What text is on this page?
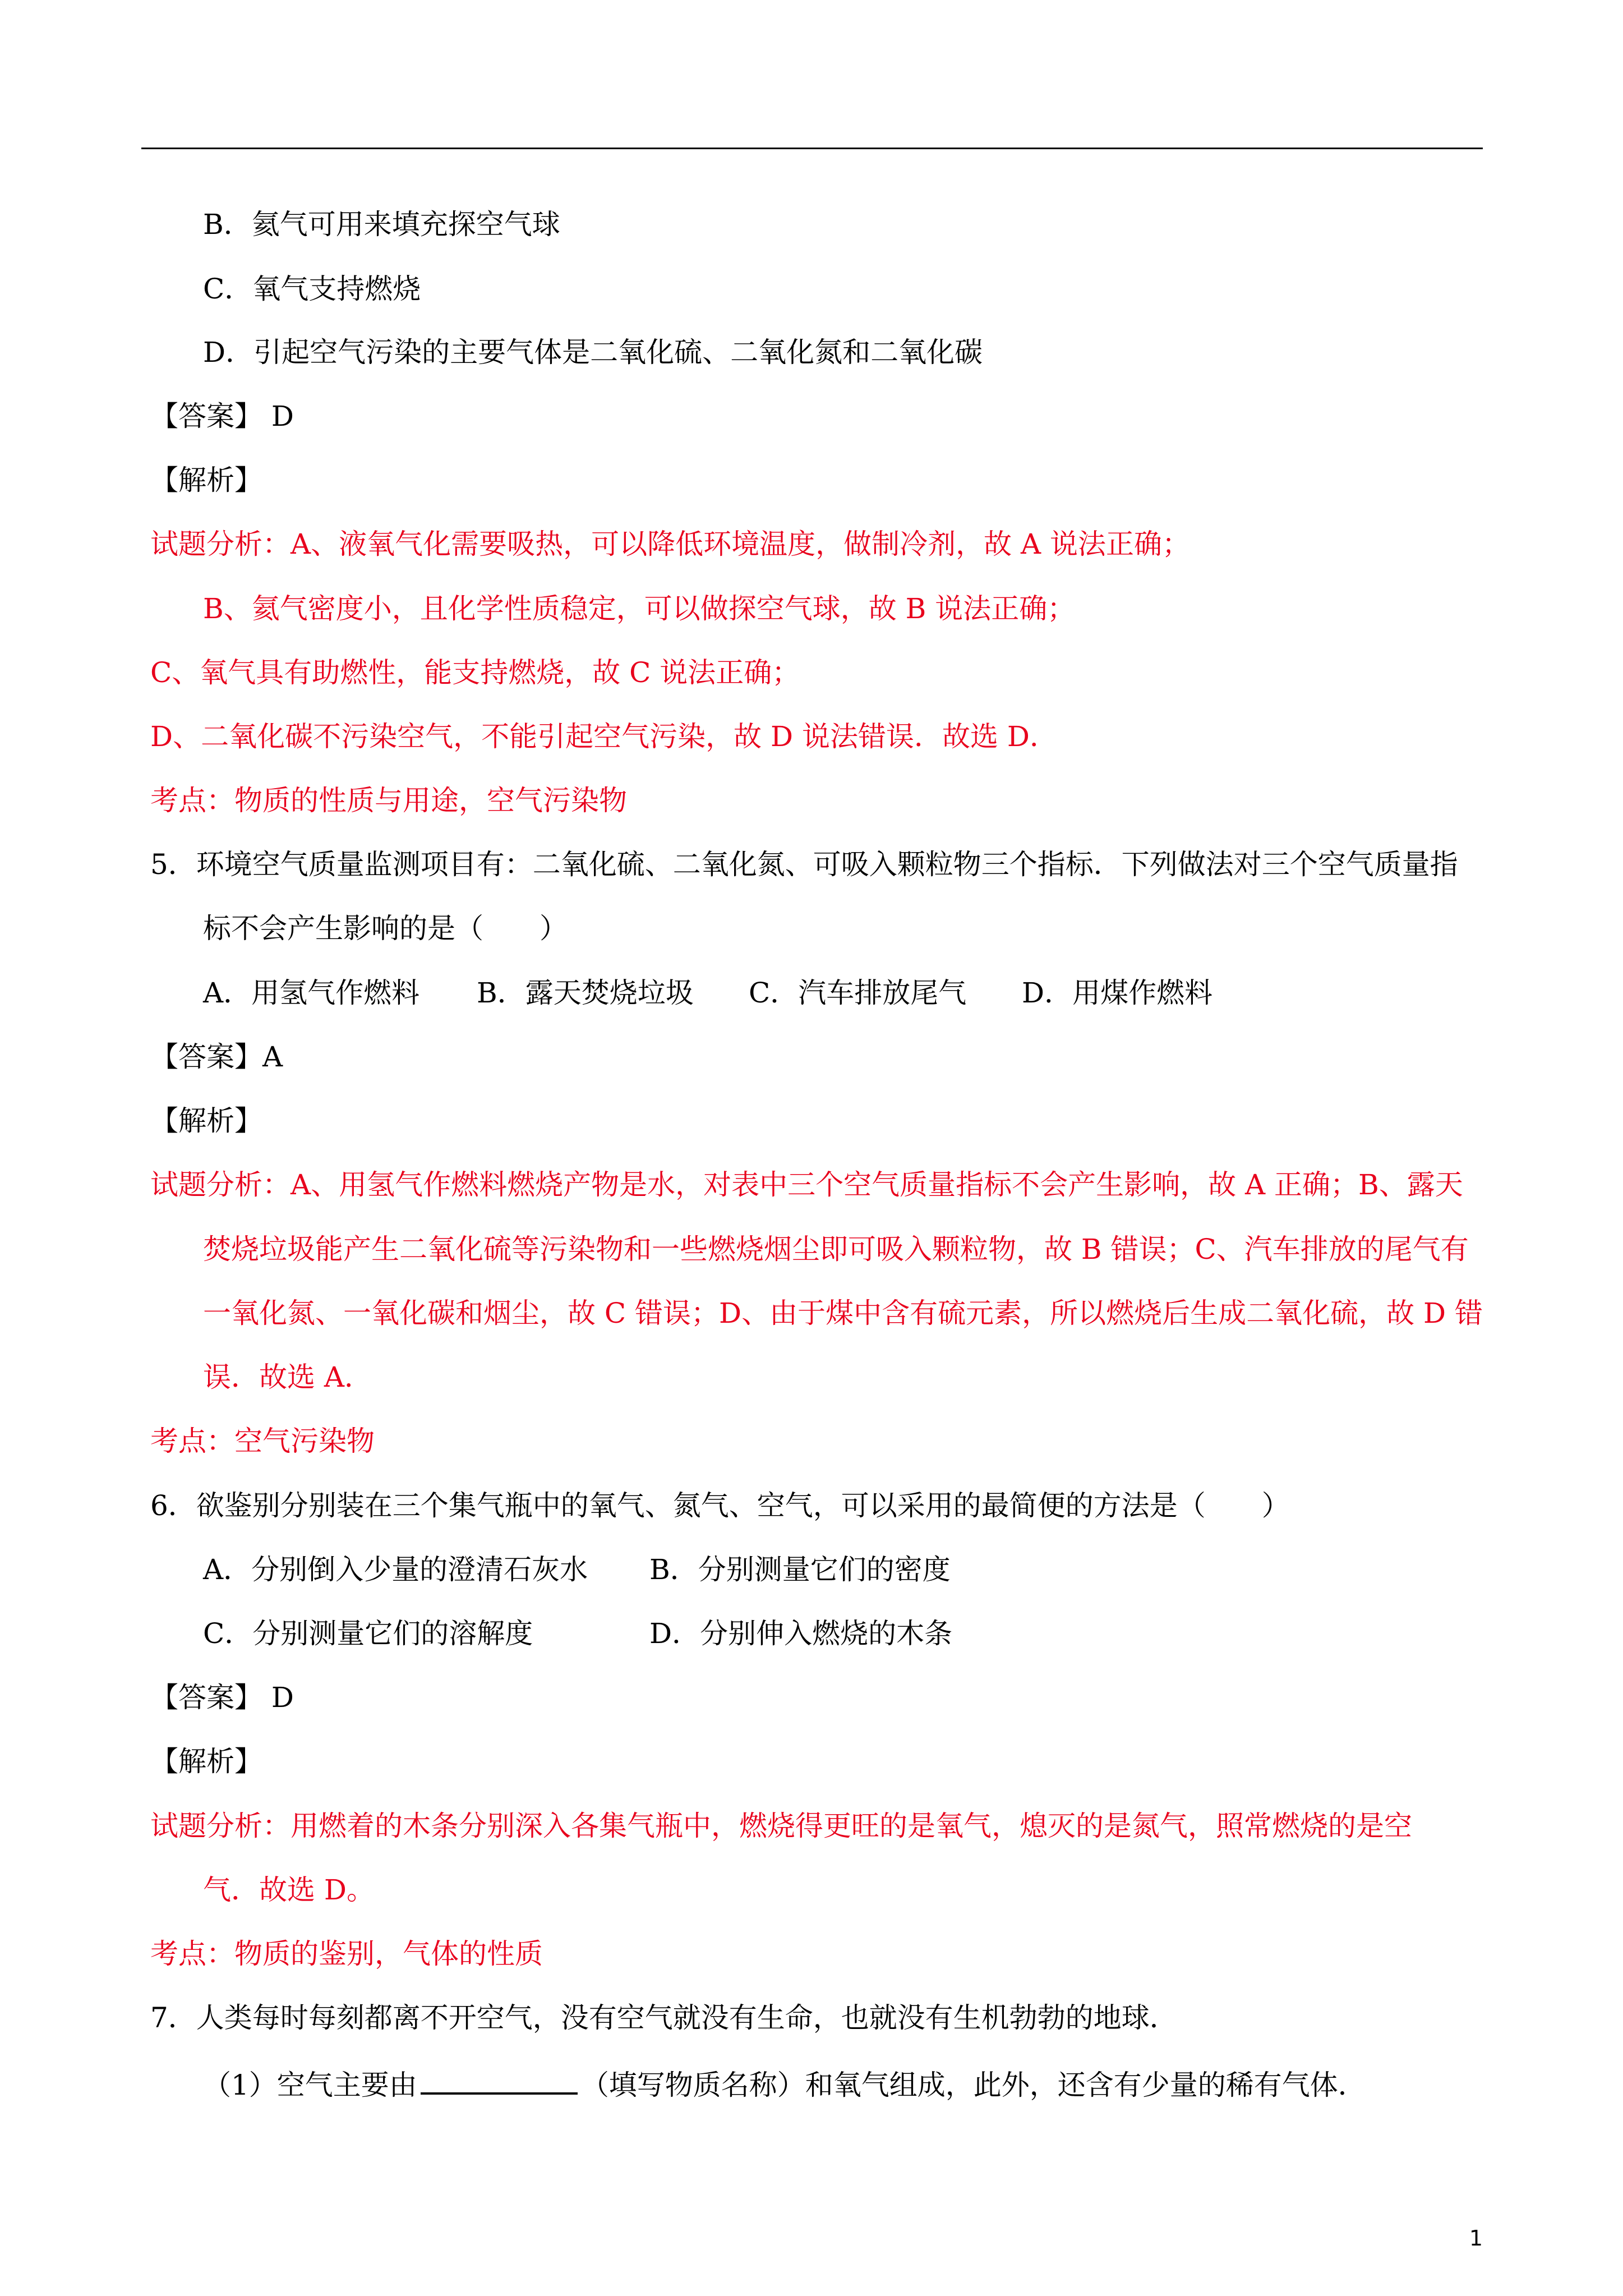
B．氦气可用来填充探空气球
C．氧气支持燃烧
D．引起空气污染的主要气体是二氧化硫、二氧化氮和二氧化碳
【答案】 D
【解析】
试题分析：A、液氧气化需要吸热，可以降低环境温度，做制冷剂，故 A 说法正确；
B、氦气密度小，且化学性质稳定，可以做探空气球，故 B 说法正确；
C、氧气具有助燃性，能支持燃烧，故 C 说法正确；
D、二氧化碳不污染空气，不能引起空气污染，故 D 说法错误．故选 D．
考点：物质的性质与用途，空气污染物
5．环境空气质量监测项目有：二氧化硫、二氧化氮、可吸入颗粒物三个指标．下列做法对三个空气质量指
标不会产生影响的是（　　）
A．用氢气作燃料 B．露天焚烧垃圾 C．汽车排放尾气 D．用煤作燃料
【答案】A
【解析】
试题分析：A、用氢气作燃料燃烧产物是水，对表中三个空气质量指标不会产生影响，故 A 正确；B、露天
焚烧垃圾能产生二氧化硫等污染物和一些燃烧烟尘即可吸入颗粒物，故 B 错误；C、汽车排放的尾气有
一氧化氮、一氧化碳和烟尘，故 C 错误；D、由于煤中含有硫元素，所以燃烧后生成二氧化硫，故 D 错
误．故选 A．
考点：空气污染物
6．欲鉴别分别装在三个集气瓶中的氧气、氮气、空气，可以采用的最简便的方法是（　　）
A．分别倒入少量的澄清石灰水 B．分别测量它们的密度
C．分别测量它们的溶解度	D．分别伸入燃烧的木条
【答案】 D
【解析】
试题分析：用燃着的木条分别深入各集气瓶中，燃烧得更旺的是氧气，熄灭的是氮气，照常燃烧的是空
气．故选 D。
考点：物质的鉴别，气体的性质
7．人类每时每刻都离不开空气，没有空气就没有生命，也就没有生机勃勃的地球．
（1）空气主要由	（填写物质名称）和氧气组成，此外，还含有少量的稀有气体．
1
